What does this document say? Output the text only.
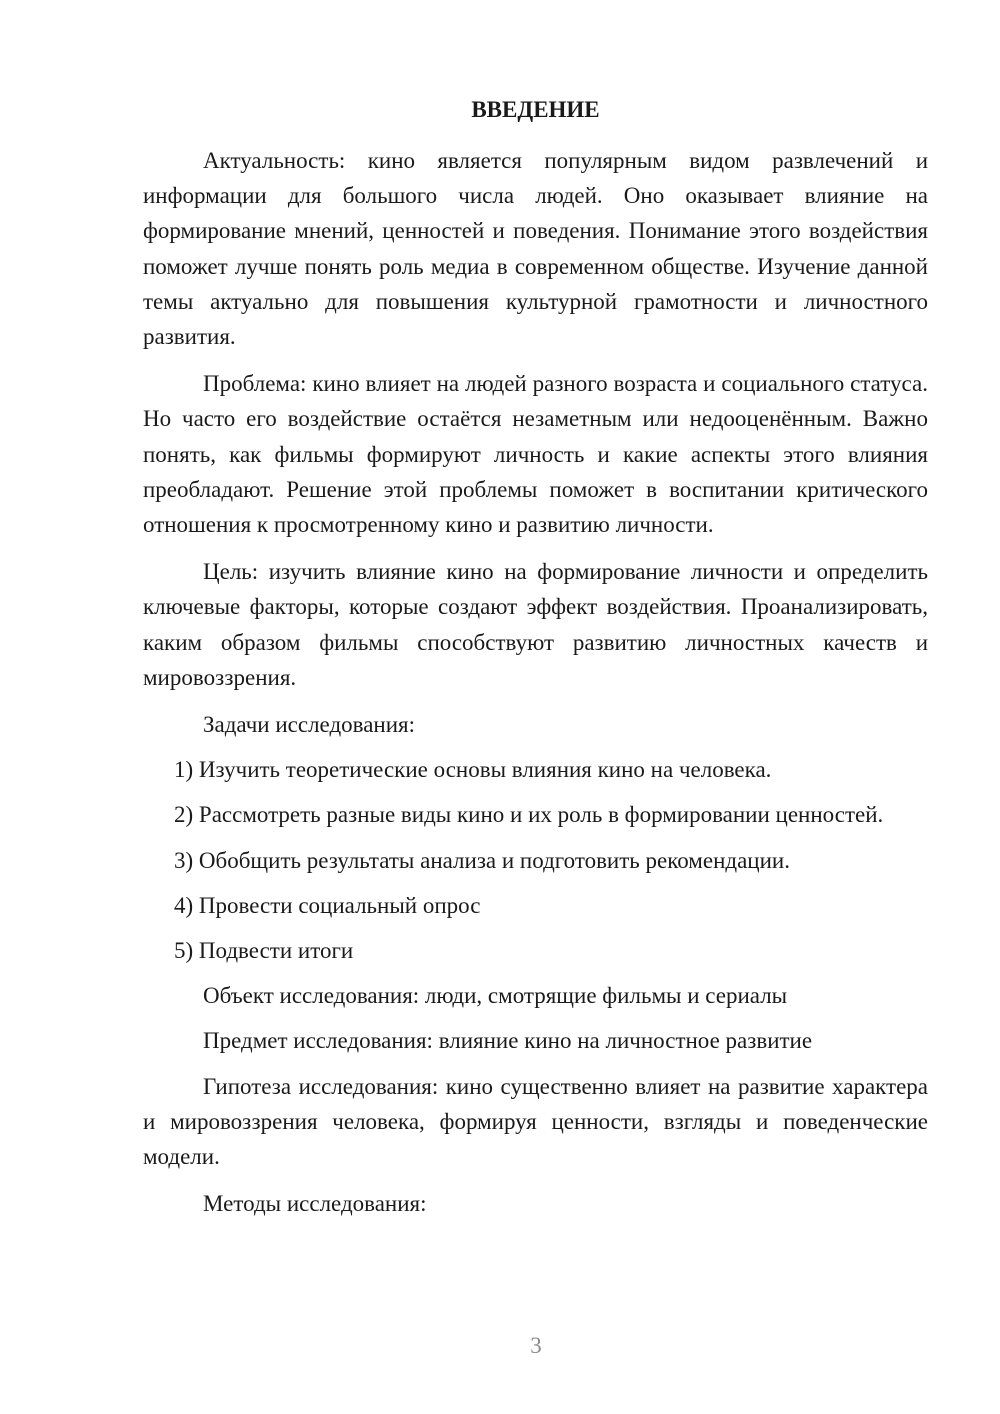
ВВЕДЕНИЕ

Актуальность: кино является популярным видом развлечений и информации для большого числа людей. Оно оказывает влияние на формирование мнений, ценностей и поведения. Понимание этого воздействия поможет лучше понять роль медиа в современном обществе. Изучение данной темы актуально для повышения культурной грамотности и личностного развития.

Проблема: кино влияет на людей разного возраста и социального статуса. Но часто его воздействие остаётся незаметным или недооценённым. Важно понять, как фильмы формируют личность и какие аспекты этого влияния преобладают. Решение этой проблемы поможет в воспитании критического отношения к просмотренному кино и развитию личности.

Цель: изучить влияние кино на формирование личности и определить ключевые факторы, которые создают эффект воздействия. Проанализировать, каким образом фильмы способствуют развитию личностных качеств и мировоззрения.

Задачи исследования:

1) Изучить теоретические основы влияния кино на человека.

2) Рассмотреть разные виды кино и их роль в формировании ценностей.

3) Обобщить результаты анализа и подготовить рекомендации.

4) Провести социальный опрос

5) Подвести итоги

Объект исследования: люди, смотрящие фильмы и сериалы

Предмет исследования: влияние кино на личностное развитие

Гипотеза исследования: кино существенно влияет на развитие характера и мировоззрения человека, формируя ценности, взгляды и поведенческие модели.

Методы исследования:

3
